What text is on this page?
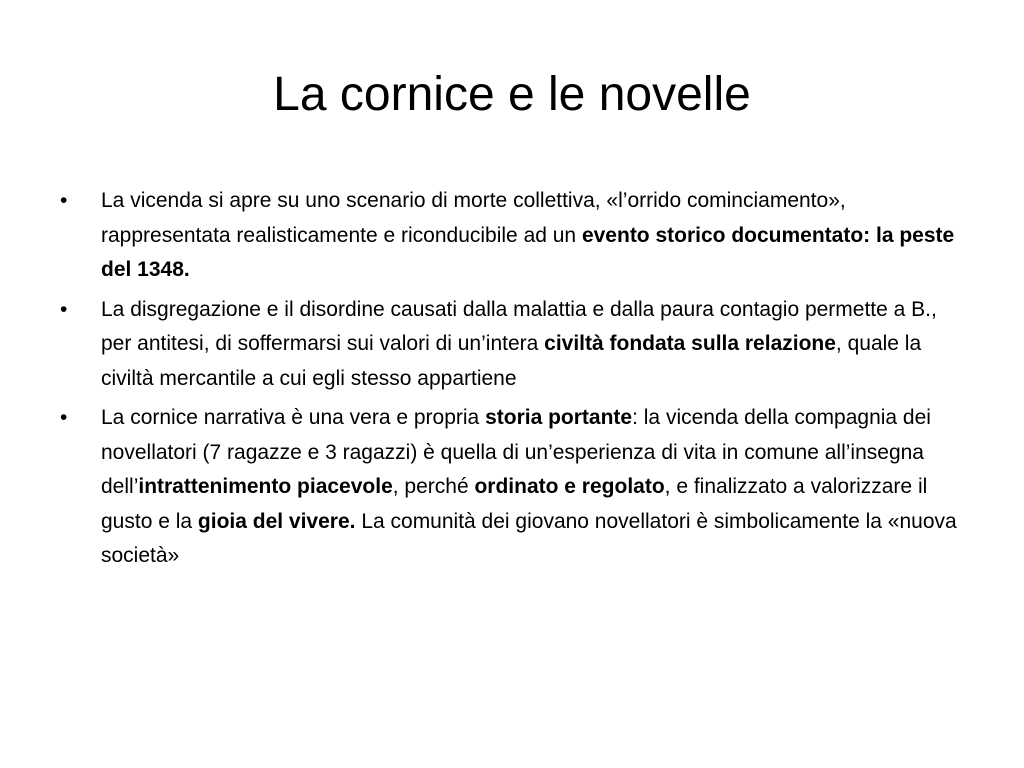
La cornice e le novelle
•	La vicenda si apre su uno scenario di morte collettiva, «l’orrido cominciamento», rappresentata realisticamente e riconducibile ad un evento storico documentato: la peste del 1348.
•	La disgregazione e il disordine causati dalla malattia e dalla paura contagio permette a B., per antitesi, di soffermarsi sui valori di un’intera civiltà fondata sulla relazione, quale la civiltà mercantile a cui egli stesso appartiene
•	La cornice narrativa è una vera e propria storia portante: la vicenda della compagnia dei novellatori (7 ragazze e 3 ragazzi) è quella di un’esperienza di vita in comune all’insegna dell’intrattenimento piacevole, perché ordinato e regolato, e finalizzato a valorizzare il gusto e la gioia del vivere. La comunità dei giovano novellatori è simbolicamente la «nuova società»
